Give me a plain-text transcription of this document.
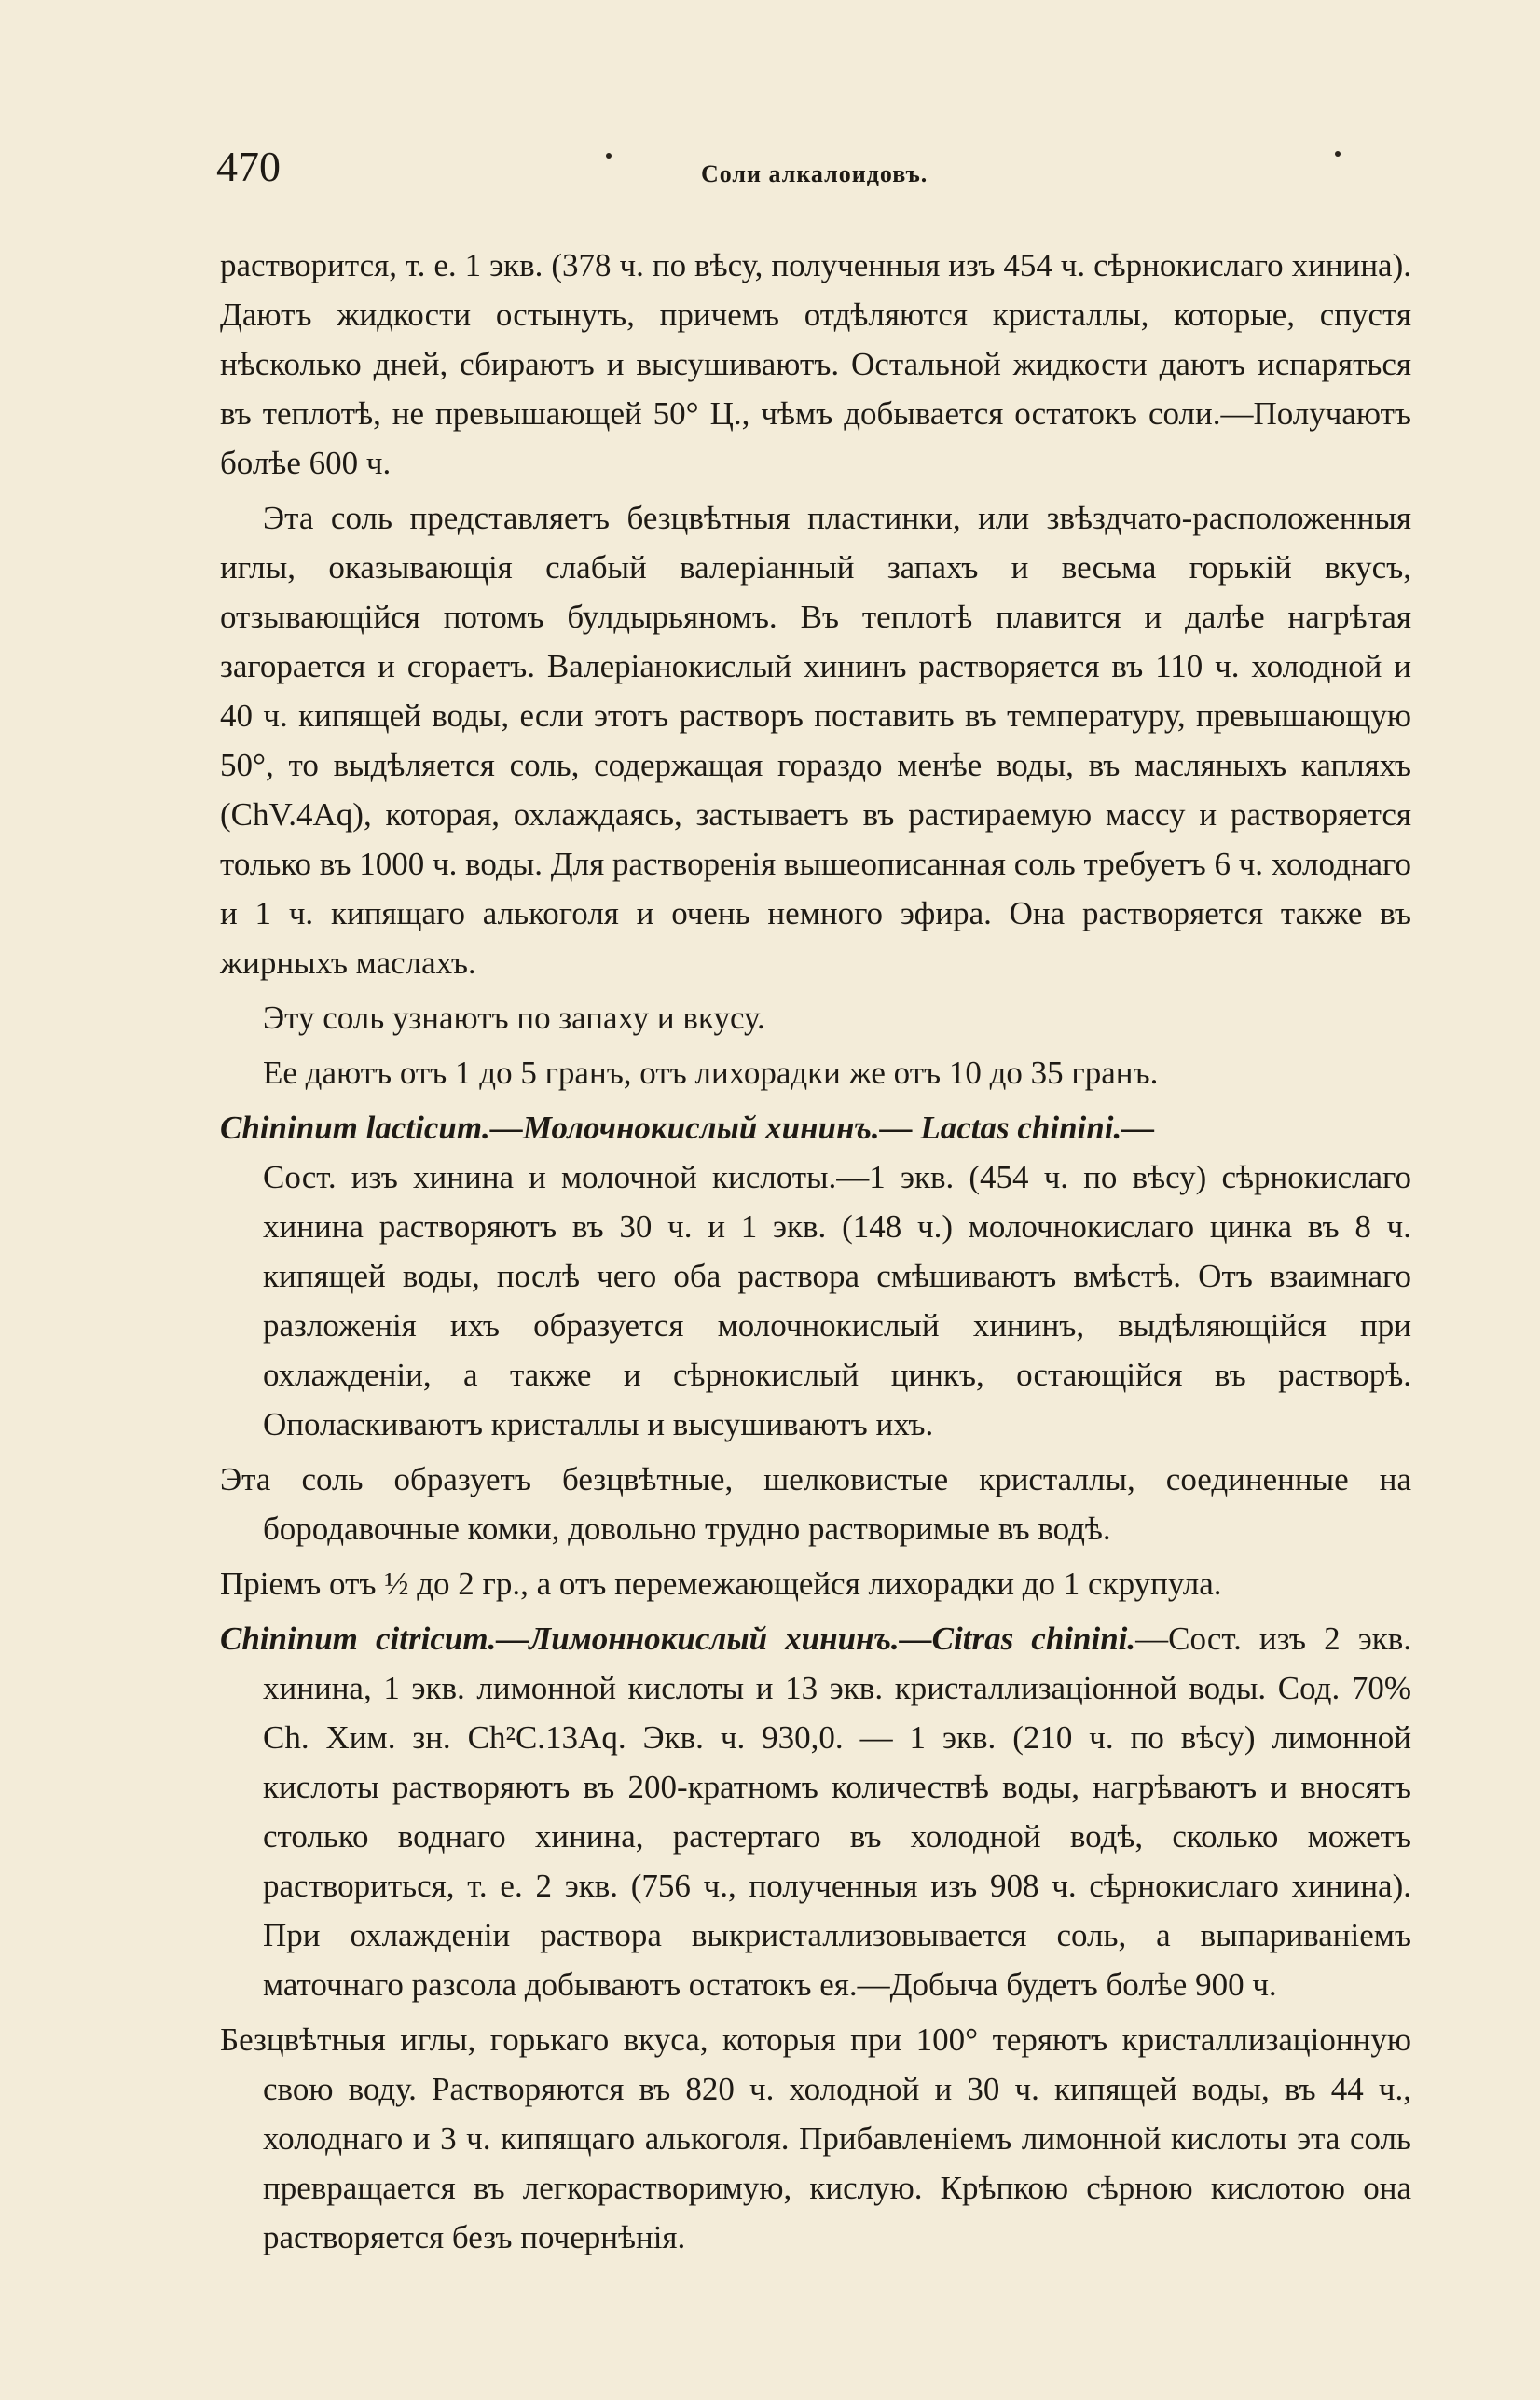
470	Соли алкалоидовъ.

растворится, т. е. 1 экв. (378 ч. по вѣсу, полученныя изъ 454 ч. сѣрнокислаго хинина). Даютъ жидкости остынуть, причемъ отдѣляются кристаллы, которые, спустя нѣсколько дней, сбираютъ и высушиваютъ. Остальной жидкости даютъ испаряться въ теплотѣ, не превышающей 50° Ц., чѣмъ добывается остатокъ соли.—Получаютъ болѣе 600 ч.

Эта соль представляетъ безцвѣтныя пластинки, или звѣздчато-расположенныя иглы, оказывающія слабый валеріанный запахъ и весьма горькій вкусъ, отзывающійся потомъ булдырьяномъ. Въ теплотѣ плавится и далѣе нагрѣтая загорается и сгораетъ. Валеріанокислый хининъ растворяется въ 110 ч. холодной и 40 ч. кипящей воды, если этотъ растворъ поставить въ температуру, превышающую 50°, то выдѣляется соль, содержащая гораздо менѣе воды, въ масляныхъ капляхъ (ChV.4Aq), которая, охлаждаясь, застываетъ въ растираемую массу и растворяется только въ 1000 ч. воды. Для растворенія вышеописанная соль требуетъ 6 ч. холоднаго и 1 ч. кипящаго алькоголя и очень немного эфира. Она растворяется также въ жирныхъ маслахъ.

Эту соль узнаютъ по запаху и вкусу.

Ее даютъ отъ 1 до 5 гранъ, отъ лихорадки же отъ 10 до 35 гранъ.

Chininum lacticum.—Молочнокислый хининъ.— Lactas chinini.—
Сост. изъ хинина и молочной кислоты.—1 экв. (454 ч. по вѣсу) сѣрнокислаго хинина растворяютъ въ 30 ч. и 1 экв. (148 ч.) молочнокислаго цинка въ 8 ч. кипящей воды, послѣ чего оба раствора смѣшиваютъ вмѣстѣ. Отъ взаимнаго разложенія ихъ образуется молочнокислый хининъ, выдѣляющійся при охлажденіи, а также и сѣрнокислый цинкъ, остающійся въ растворѣ. Ополаскиваютъ кристаллы и высушиваютъ ихъ.

Эта соль образуетъ безцвѣтные, шелковистые кристаллы, соединенные на бородавочные комки, довольно трудно растворимые въ водѣ.

Пріемъ отъ ½ до 2 гр., а отъ перемежающейся лихорадки до 1 скрупула.

Chininum citricum.—Лимоннокислый хининъ.—Citras chinini.—Сост. изъ 2 экв. хинина, 1 экв. лимонной кислоты и 13 экв. кристаллизаціонной воды. Сод. 70% Ch. Хим. зн. Ch²C.13Aq. Экв. ч. 930,0. — 1 экв. (210 ч. по вѣсу) лимонной кислоты растворяютъ въ 200-кратномъ количествѣ воды, нагрѣваютъ и вносятъ столько воднаго хинина, растертаго въ холодной водѣ, сколько можетъ раствориться, т. е. 2 экв. (756 ч., полученныя изъ 908 ч. сѣрнокислаго хинина). При охлажденіи раствора выкристаллизовывается соль, а выпариваніемъ маточнаго разсола добываютъ остатокъ ея.—Добыча будетъ болѣе 900 ч.

Безцвѣтныя иглы, горькаго вкуса, которыя при 100° теряютъ кристаллизаціонную свою воду. Растворяются въ 820 ч. холодной и 30 ч. кипящей воды, въ 44 ч., холоднаго и 3 ч. кипящаго алькоголя. Прибавленіемъ лимонной кислоты эта соль превращается въ легкорастворимую, кислую. Крѣпкою сѣрною кислотою она растворяется безъ почернѣнія.
